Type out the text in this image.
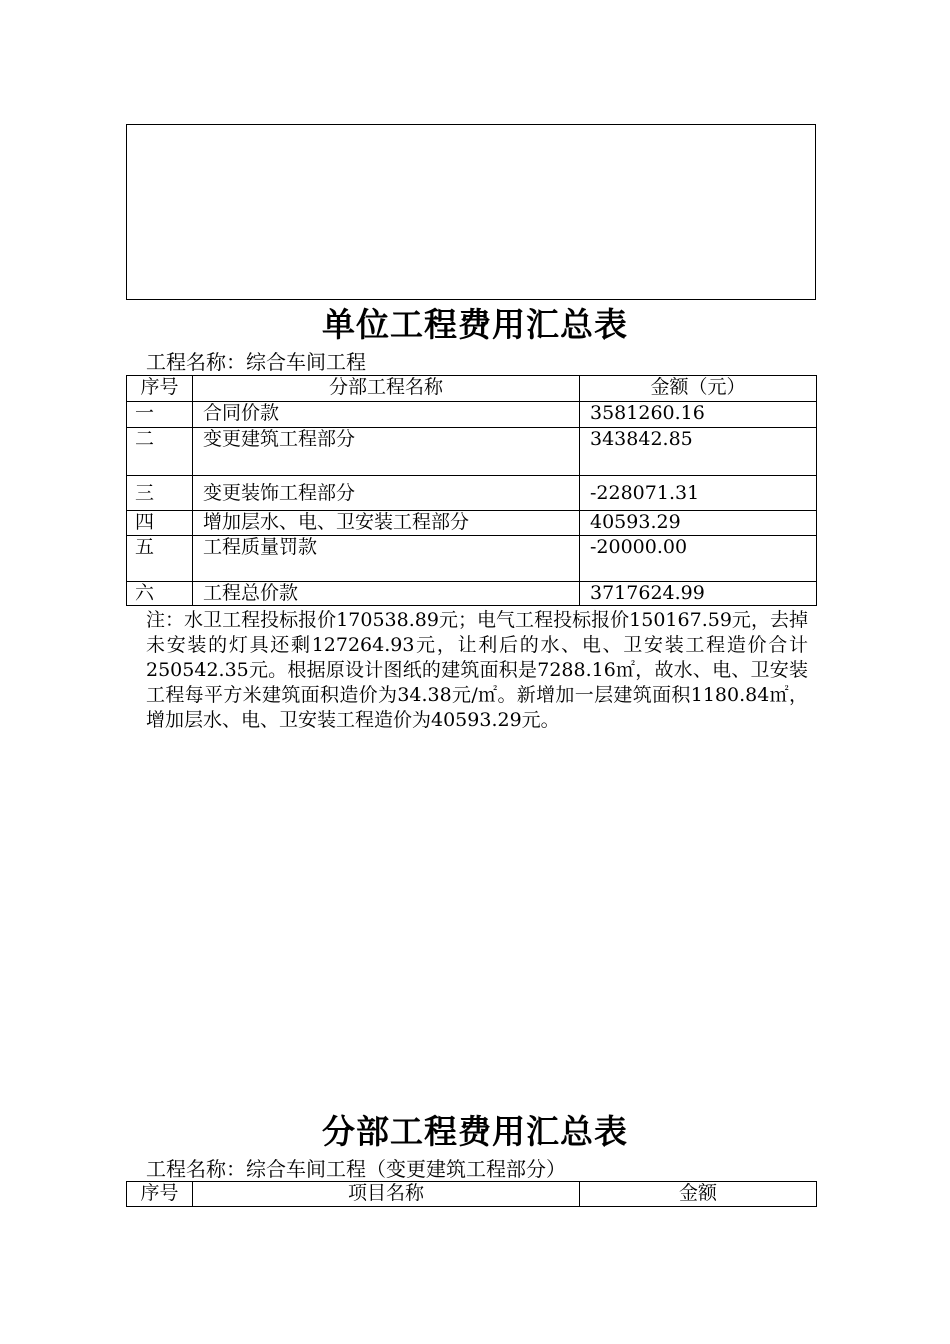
单位工程费用汇总表
工程名称：综合车间工程
序号	分部工程名称	金额（元）
一	合同价款	3581260.16
二	变更建筑工程部分	343842.85
三	变更装饰工程部分	-228071.31
四	增加层水、电、卫安装工程部分	40593.29
五	工程质量罚款	-20000.00
六	工程总价款	3717624.99
注：水卫工程投标报价170538.89元；电气工程投标报价150167.59元，去掉未安装的灯具还剩127264.93元，让利后的水、电、卫安装工程造价合计250542.35元。根据原设计图纸的建筑面积是7288.16㎡，故水、电、卫安装工程每平方米建筑面积造价为34.38元/㎡。新增加一层建筑面积1180.84㎡，增加层水、电、卫安装工程造价为40593.29元。
分部工程费用汇总表
工程名称：综合车间工程（变更建筑工程部分）
序号	项目名称	金额
